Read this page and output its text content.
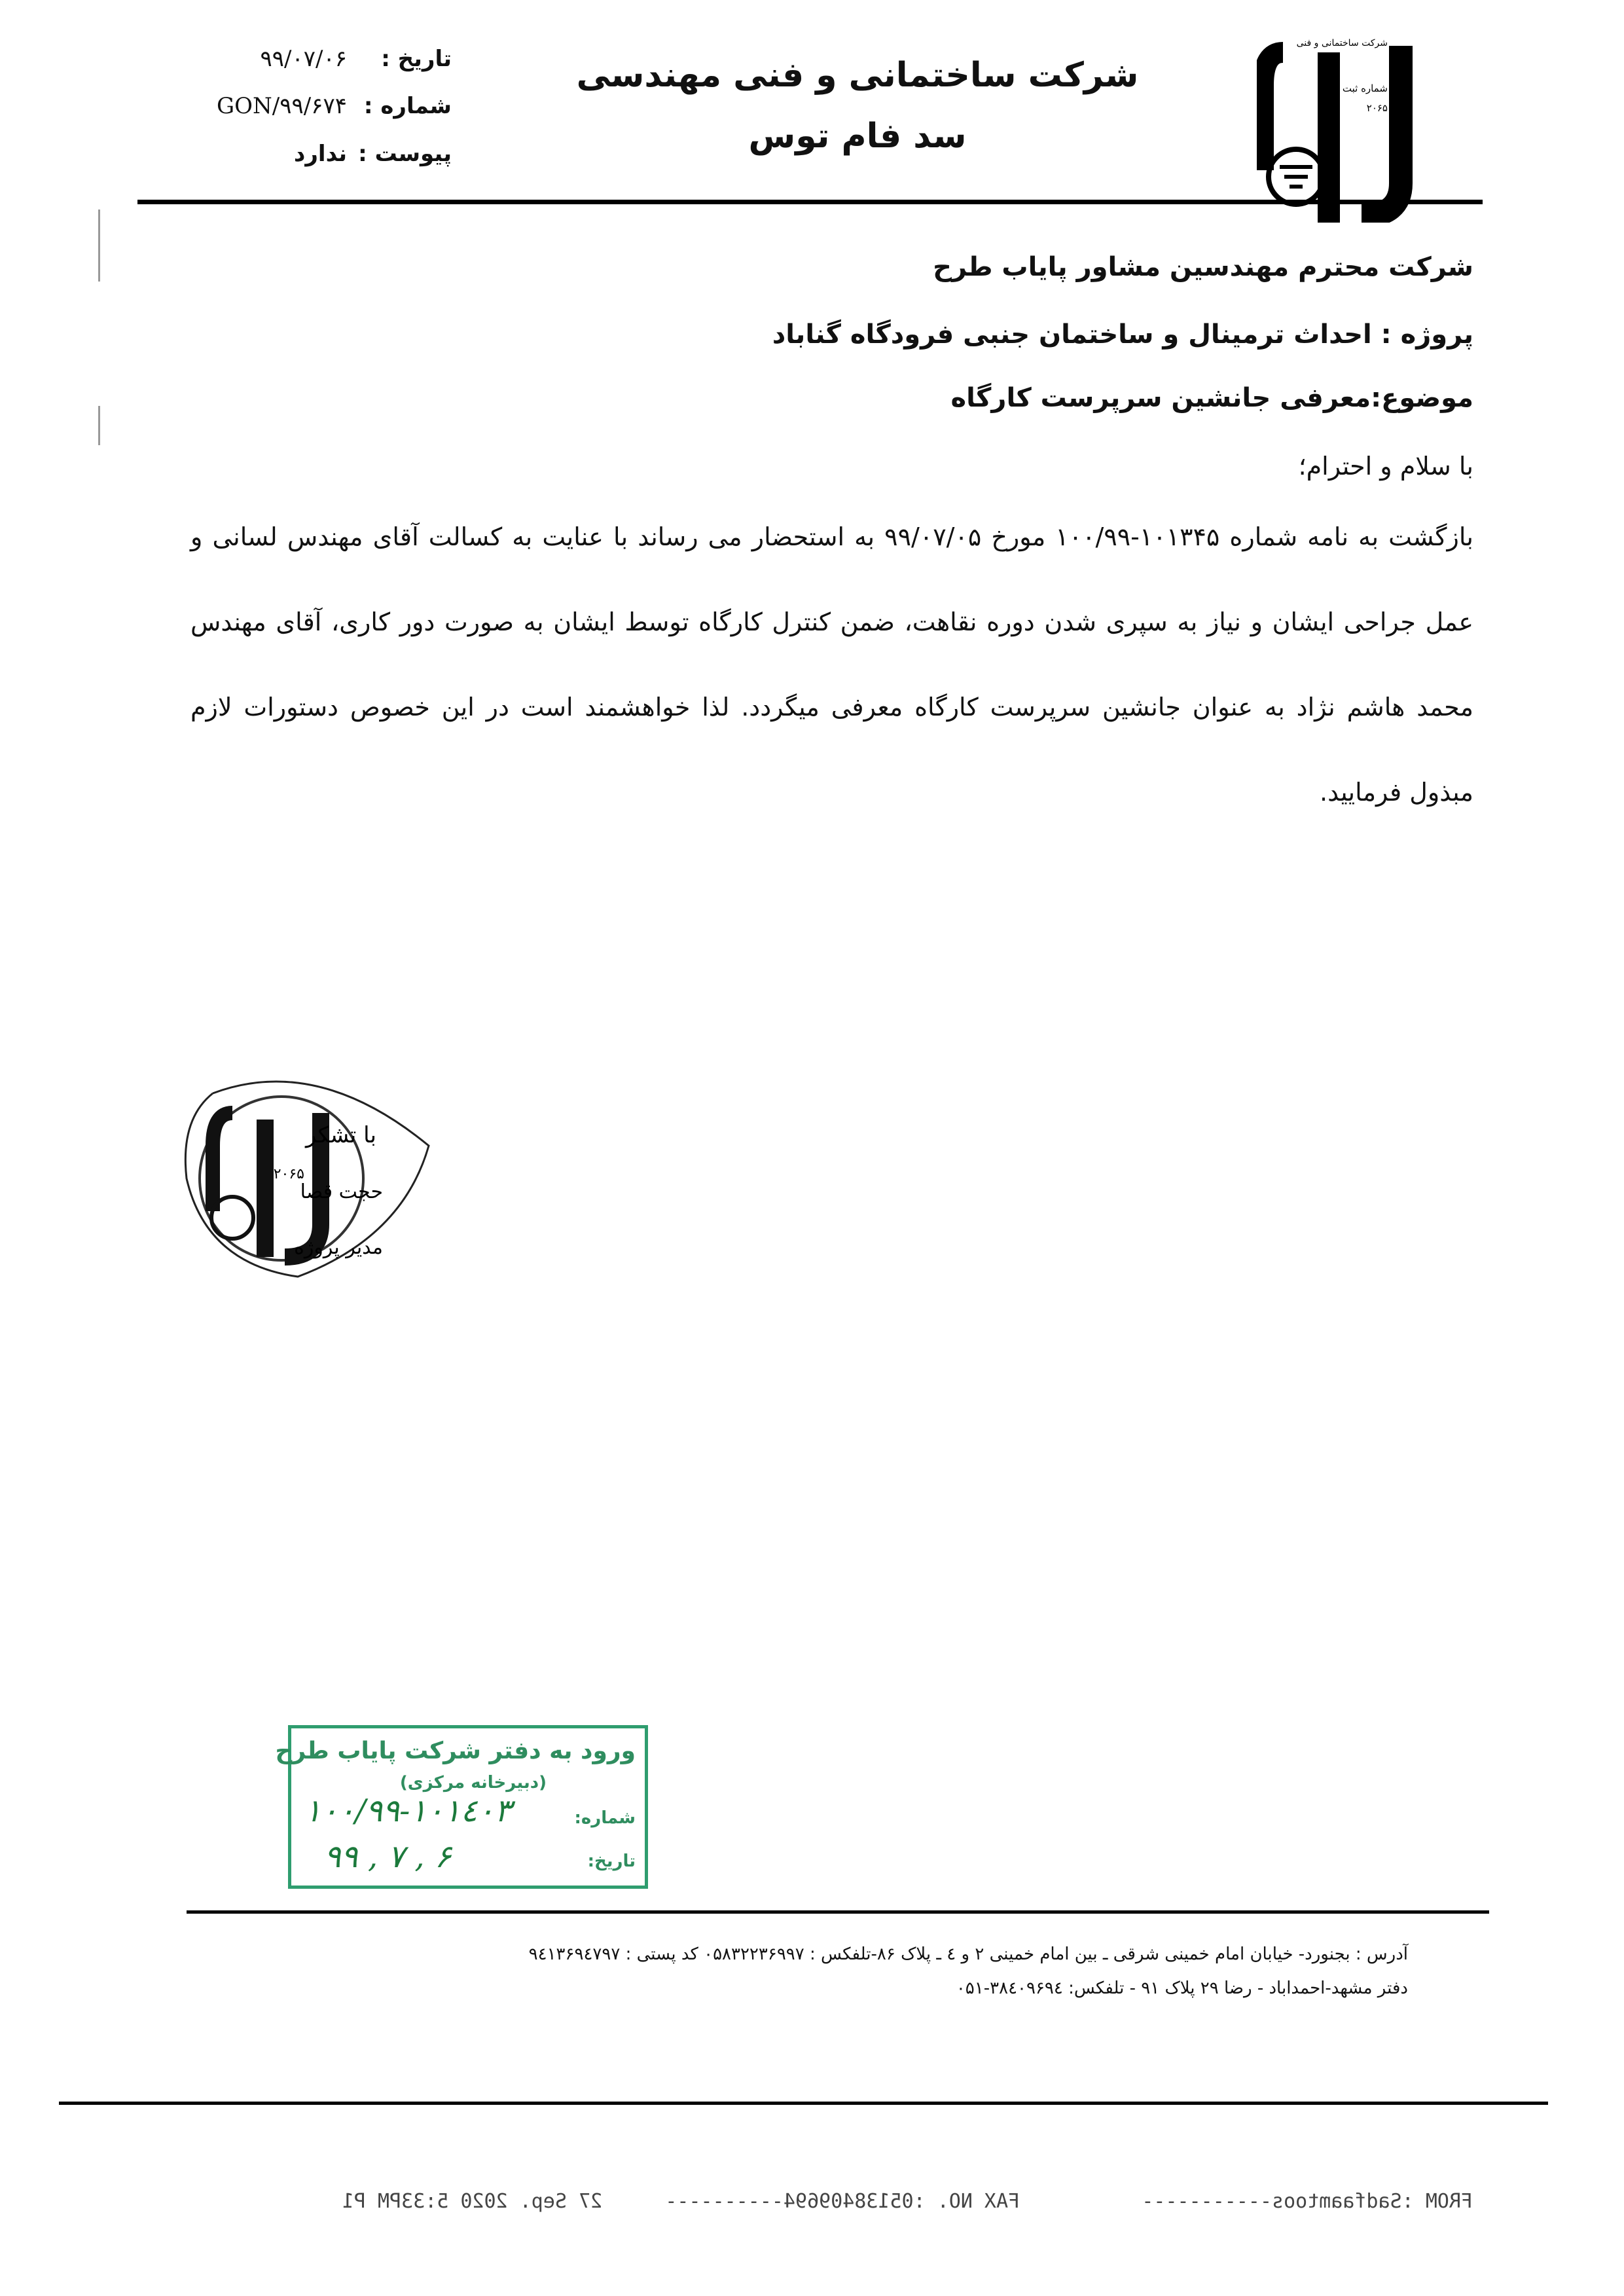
تاریخ :۹۹/۰۷/۰۶
شماره :GON/۹۹/۶۷۴
پیوست :ندارد
شرکت ساختمانی و فنی مهندسی
سد فام توس
شرکت ساختمانی و فنی
شماره ثبت
۲۰۶۵
شرکت محترم مهندسین مشاور پایاب طرح
پروژه : احداث ترمینال و ساختمان جنبی فرودگاه گناباد
موضوع:معرفی جانشین سرپرست کارگاه
با سلام و احترام؛
بازگشت به نامه شماره ۱۰۱۳۴۵-۱۰۰/۹۹ مورخ ۹۹/۰۷/۰۵ به استحضار می رساند با عنایت به کسالت آقای مهندس لسانی و عمل جراحی ایشان و نیاز به سپری شدن دوره نقاهت، ضمن کنترل کارگاه توسط ایشان به صورت دور کاری، آقای مهندس محمد هاشم نژاد به عنوان جانشین سرپرست کارگاه معرفی میگردد. لذا خواهشمند است در این خصوص دستورات لازم مبذول فرمایید.
با تشکر
حجت قصا
مدیر پروژه
۲۰۶۵
ورود به دفتر شرکت پایاب طرح
(دبیرخانه مرکزی)
شماره:
۱۰۰/۹۹-۱۰۱٤۰۳
تاریخ:
۹۹ , ۷ , ۶
آدرس : بجنورد- خیابان امام خمینی شرقی ـ بین امام خمینی ۲ و ٤ ـ پلاک ۸۶-تلفکس : ۰۵۸۳۲۲۳۶۹۹۷ کد پستی : ۹٤۱۳۶۹٤۷۹۷
دفتر مشهد-احمداباد - رضا ۲۹ پلاک ۹۱ - تلفکس: ۳۸٤۰۹۶۹٤-۰۵۱
FROM :Sadfaamtoos-----------  FAX NO. :05138409694----------  27 Sep. 2020 5:33PM P1
